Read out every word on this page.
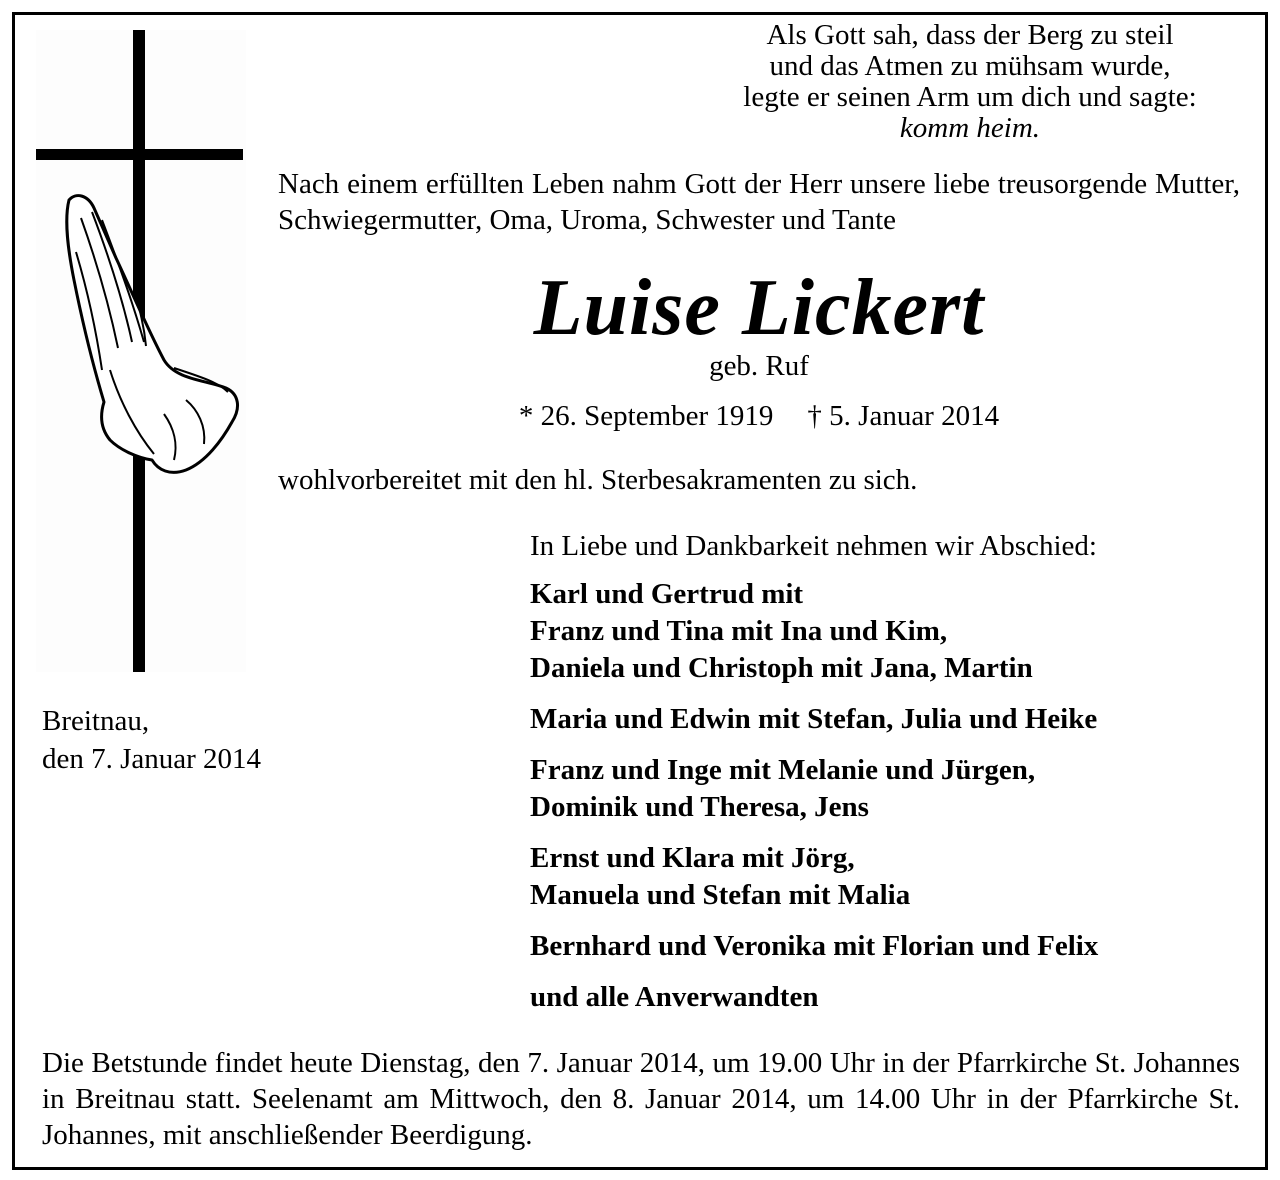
Als Gott sah, dass der Berg zu steil
und das Atmen zu mühsam wurde,
legte er seinen Arm um dich und sagte:
komm heim.
Nach einem erfüllten Leben nahm Gott der Herr unsere liebe treusorgende Mutter, Schwiegermutter, Oma, Uroma, Schwester und Tante
Luise Lickert
geb. Ruf
* 26. September 1919 † 5. Januar 2014
wohlvorbereitet mit den hl. Sterbesakramenten zu sich.
Breitnau,
den 7. Januar 2014
In Liebe und Dankbarkeit nehmen wir Abschied:
Karl und Gertrud mit
Franz und Tina mit Ina und Kim,
Daniela und Christoph mit Jana, Martin
Maria und Edwin mit Stefan, Julia und Heike
Franz und Inge mit Melanie und Jürgen,
Dominik und Theresa, Jens
Ernst und Klara mit Jörg,
Manuela und Stefan mit Malia
Bernhard und Veronika mit Florian und Felix
und alle Anverwandten
Die Betstunde findet heute Dienstag, den 7. Januar 2014, um 19.00 Uhr in der Pfarrkirche St. Johannes in Breitnau statt. Seelenamt am Mittwoch, den 8. Januar 2014, um 14.00 Uhr in der Pfarrkirche St. Johannes, mit anschließender Beerdigung.
